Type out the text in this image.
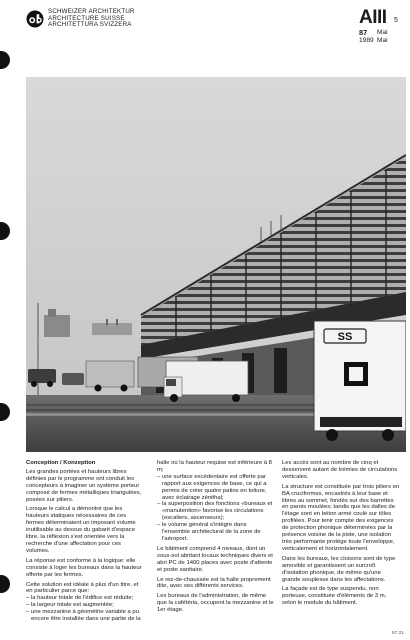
SCHWEIZER ARCHITEKTUR
ARCHITECTURE SUISSE
ARCHITETTURA SVIZZERA	AIII 5
87	Mai
1989 Mai
SS

Conception / Konzeption

Les grandes portées et hauteurs libres définies par le programme ont conduit les concepteurs à imaginer un système porteur composé de fermes métalliques triangulées, posées sur piliers.

Lorsque le calcul a démontré que les hauteurs statiques nécessaires de ces fermes déterminaient un imposant volume inutilisable au dessus du gabarit d'espace libre, la réflexion s'est orientée vers la recherche d'une affectation pour ces volumes.

La réponse est conforme à la logique: elle consiste à loger les bureaux dans la hauteur offerte par les fermes.

Cette solution est idéale à plus d'un titre, et en particulier parce que:

– la hauteur totale de l'édifice est réduite;

– la largeur totale est augmentée;

– une mezzanine à géométrie variable a pu encore être installée dans une partie de la

halle où la hauteur requise est inférieure à 8 m;

– une surface excédentaire est offerte par rapport aux exigences de base, ce qui a permis de créer quatre patios en toiture, avec éclairage zénithal;

– la superposition des fonctions «bureaux et «manutention» favorise les circulations (escaliers, ascenseurs);

– le volume général s'intègre dans l'ensemble architectural de la zone de l'aéroport.

Le bâtiment comprend 4 niveaux, dont un sous-sol abritant locaux techniques divers et abri PC de 1400 places avec poste d'attente et poste sanitaire.

Le rez-de-chaussée est la halle proprement dite, avec ses différents services.

Les bureaux de l'administration, de même que la cafétéria, occupent la mezzanine et le 1er étage.

Les accès sont au nombre de cinq et desservent autant de trémies de circulations verticales.

La structure est constituée par trois piliers en BA cruciformes, encastrés à leur base et libres au sommet, fondés sur des barrettes en parois moulées; tandis que les dalles de l'étage sont en béton armé coulé sur tôles profilées. Pour tenir compte des exigences de protection phonique déterminées par la présence voisine de la piste, une isolation très performante protège toute l'enveloppe, verticalement et horizontalement.

Dans les bureaux, les cloisons sont de type amovible et garantissent un surcroît d'isolation phonique, de même qu'une grande souplesse dans les affectations.

La façade est de type suspendu, non porteuse, constituée d'éléments de 3 m, selon le module du bâtiment.

87.21
